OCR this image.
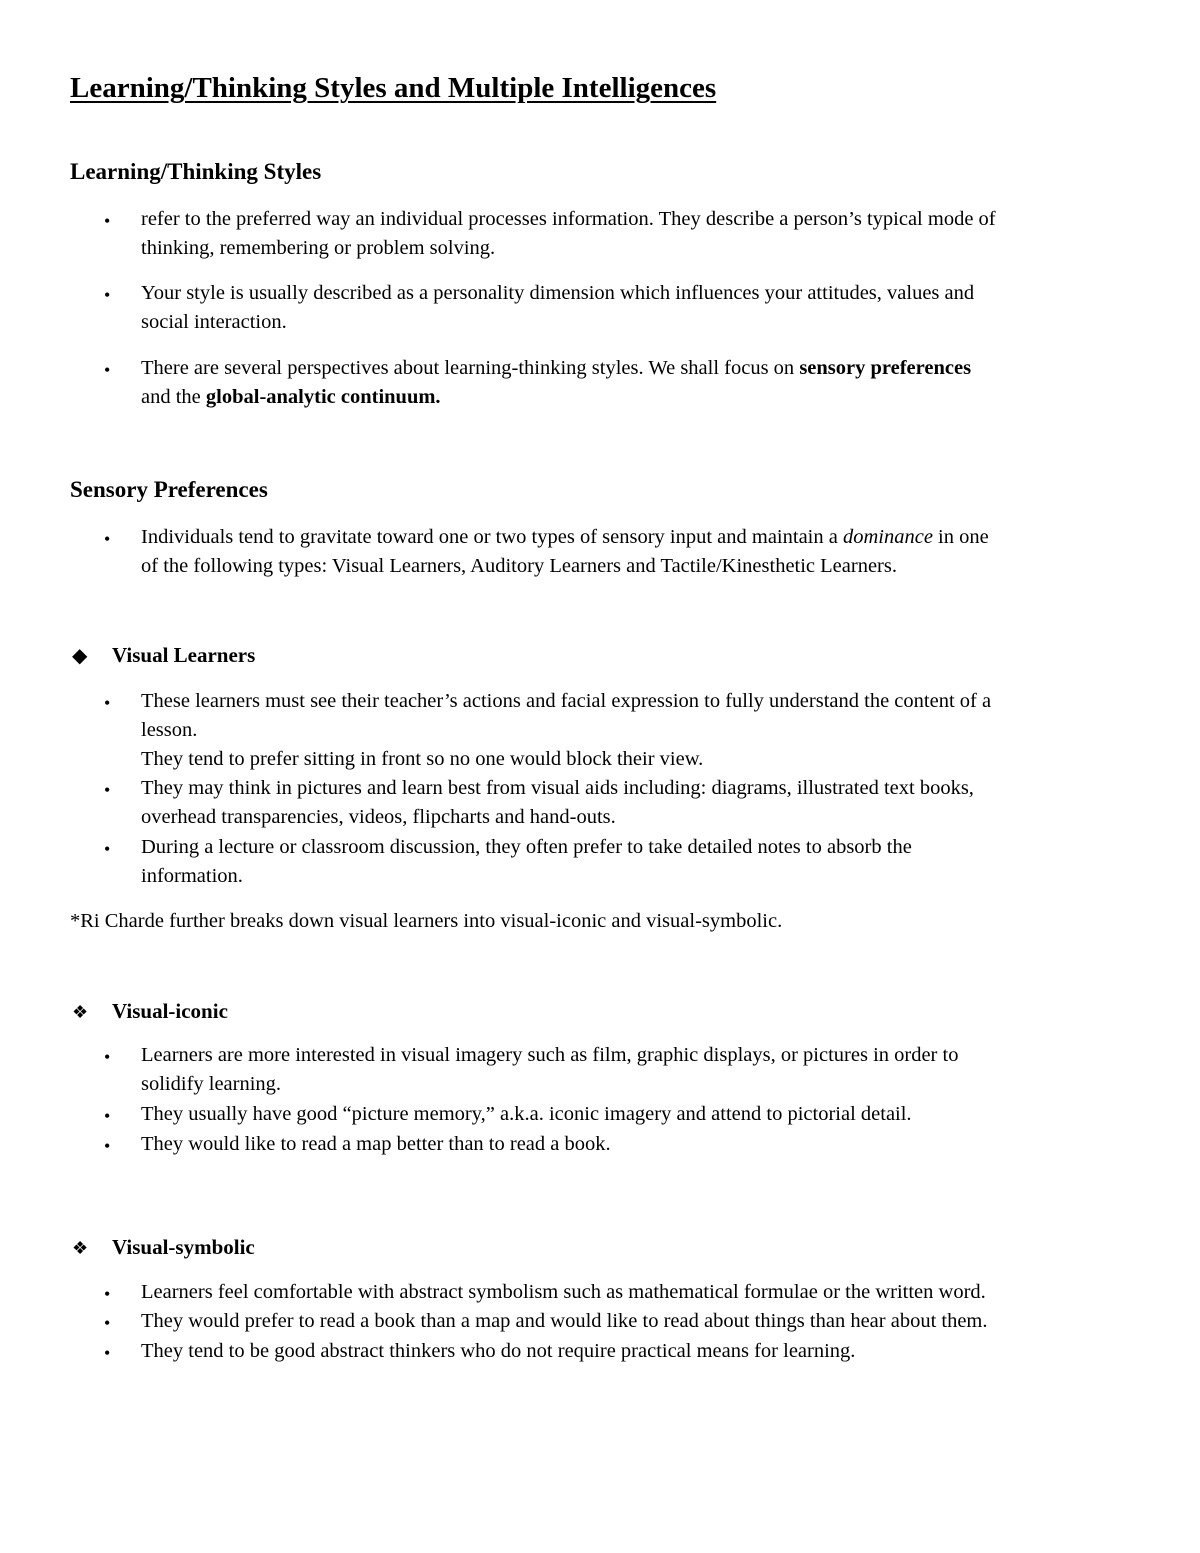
Learning/Thinking Styles and Multiple Intelligences
Learning/Thinking Styles
• refer to the preferred way an individual processes information. They describe a person’s typical mode of
thinking, remembering or problem solving.
• Your style is usually described as a personality dimension which influences your attitudes, values and
social interaction.
• There are several perspectives about learning-thinking styles. We shall focus on sensory preferences
and the global-analytic continuum.
Sensory Preferences
• Individuals tend to gravitate toward one or two types of sensory input and maintain a dominance in one
of the following types: Visual Learners, Auditory Learners and Tactile/Kinesthetic Learners.
◆ Visual Learners
• These learners must see their teacher’s actions and facial expression to fully understand the content of a
lesson.
They tend to prefer sitting in front so no one would block their view.
• They may think in pictures and learn best from visual aids including: diagrams, illustrated text books,
overhead transparencies, videos, flipcharts and hand-outs.
• During a lecture or classroom discussion, they often prefer to take detailed notes to absorb the
information.
*Ri Charde further breaks down visual learners into visual-iconic and visual-symbolic.
❖ Visual-iconic
• Learners are more interested in visual imagery such as film, graphic displays, or pictures in order to
solidify learning.
• They usually have good “picture memory,” a.k.a. iconic imagery and attend to pictorial detail.
• They would like to read a map better than to read a book.
❖ Visual-symbolic
• Learners feel comfortable with abstract symbolism such as mathematical formulae or the written word.
• They would prefer to read a book than a map and would like to read about things than hear about them.
• They tend to be good abstract thinkers who do not require practical means for learning.
